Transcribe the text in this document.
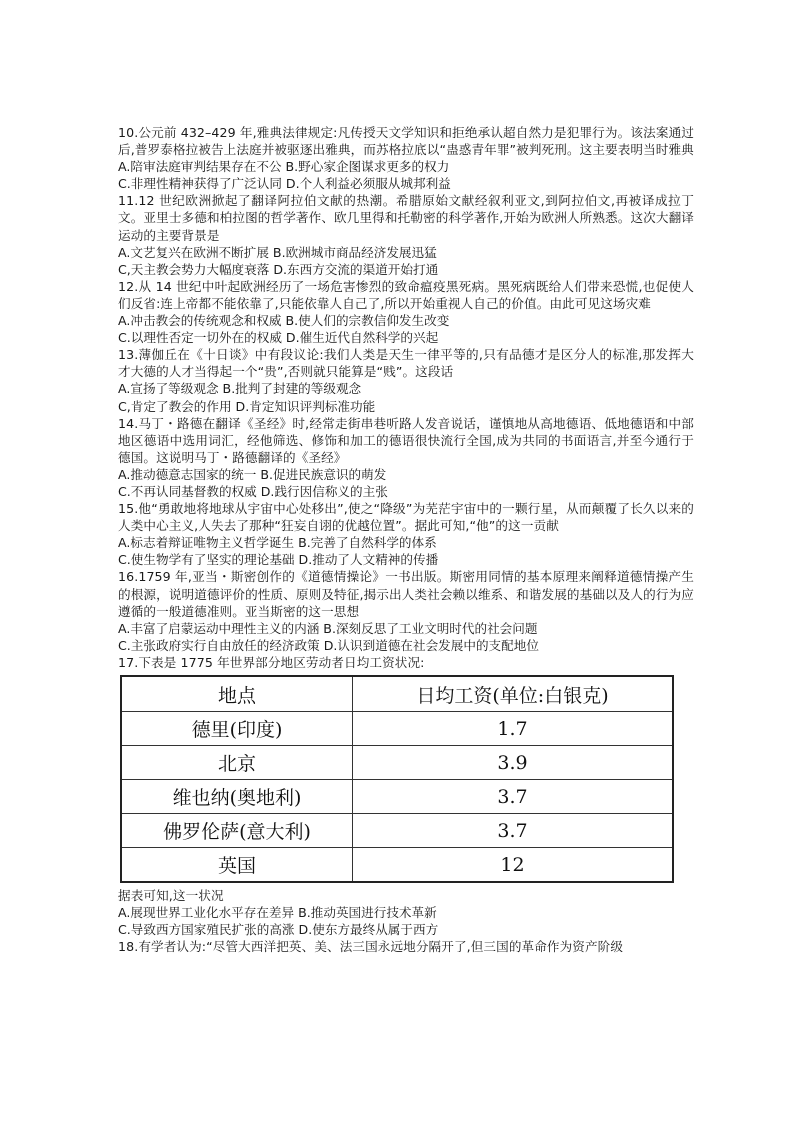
10.公元前 432–429 年,雅典法律规定:凡传授天文学知识和拒绝承认超自然力是犯罪行为。该法案通过后,普罗泰格拉被告上法庭并被驱逐出雅典，而苏格拉底以“蛊惑青年罪”被判死刑。这主要表明当时雅典

A.陪审法庭审判结果存在不公 B.野心家企图谋求更多的权力

C.非理性精神获得了广泛认同 D.个人利益必须服从城邦利益

11.12 世纪欧洲掀起了翻译阿拉伯文献的热潮。希腊原始文献经叙利亚文,到阿拉伯文,再被译成拉丁文。亚里士多德和柏拉图的哲学著作、欧几里得和托勒密的科学著作,开始为欧洲人所熟悉。这次大翻译运动的主要背景是

A.文艺复兴在欧洲不断扩展 B.欧洲城市商品经济发展迅猛

C,天主教会势力大幅度衰落 D.东西方交流的渠道开始打通

12.从 14 世纪中叶起欧洲经历了一场危害惨烈的致命瘟疫黑死病。黑死病既给人们带来恐慌,也促使人们反省:连上帝都不能依靠了,只能依靠人自己了,所以开始重视人自己的价值。由此可见这场灾难

A.冲击教会的传统观念和权威 B.使人们的宗教信仰发生改变

C.以理性否定一切外在的权威 D.催生近代自然科学的兴起

13.薄伽丘在《十日谈》中有段议论:我们人类是天生一律平等的,只有品德才是区分人的标准,那发挥大才大德的人才当得起一个“贵”,否则就只能算是“贱”。这段话

A.宣扬了等级观念 B.批判了封建的等级观念

C,肯定了教会的作用 D.肯定知识评判标准功能

14.马丁・路德在翻译《圣经》时,经常走街串巷听路人发音说话，谨慎地从高地德语、低地德语和中部地区德语中选用词汇，经他筛选、修饰和加工的德语很快流行全国,成为共同的书面语言,并至今通行于德国。这说明马丁・路德翻译的《圣经》

A.推动德意志国家的统一 B.促进民族意识的萌发

C.不再认同基督教的权威 D.践行因信称义的主张

15.他“勇敢地将地球从宇宙中心处移出”,使之“降级”为芜茫宇宙中的一颗行星，从而颠覆了长久以来的人类中心主义,人失去了那种“狂妄自诩的优越位置”。据此可知,“他”的这一贡献

A.标志着辩证唯物主义哲学诞生 B.完善了自然科学的体系

C.使生物学有了坚实的理论基础 D.推动了人文精神的传播

16.1759 年,亚当・斯密创作的《道德情操论》一书出版。斯密用同情的基本原理来阐释道德情操产生的根源，说明道德评价的性质、原则及特征,揭示出人类社会赖以维系、和谐发展的基础以及人的行为应遵循的一般道德准则。亚当斯密的这一思想

A.丰富了启蒙运动中理性主义的内涵 B.深刻反思了工业文明时代的社会问题

C.主张政府实行自由放任的经济政策 D.认识到道德在社会发展中的支配地位

17.下表是 1775 年世界部分地区劳动者日均工资状况:

地点	日均工资(单位:白银克)
德里(印度)	1.7
北京	3.9
维也纳(奥地利)	3.7
佛罗伦萨(意大利)	3.7
英国	12

据表可知,这一状况

A.展现世界工业化水平存在差异 B.推动英国进行技术革新

C.导致西方国家殖民扩张的高涨 D.使东方最终从属于西方

18.有学者认为:“尽管大西洋把英、美、法三国永远地分隔开了,但三国的革命作为资产阶级
